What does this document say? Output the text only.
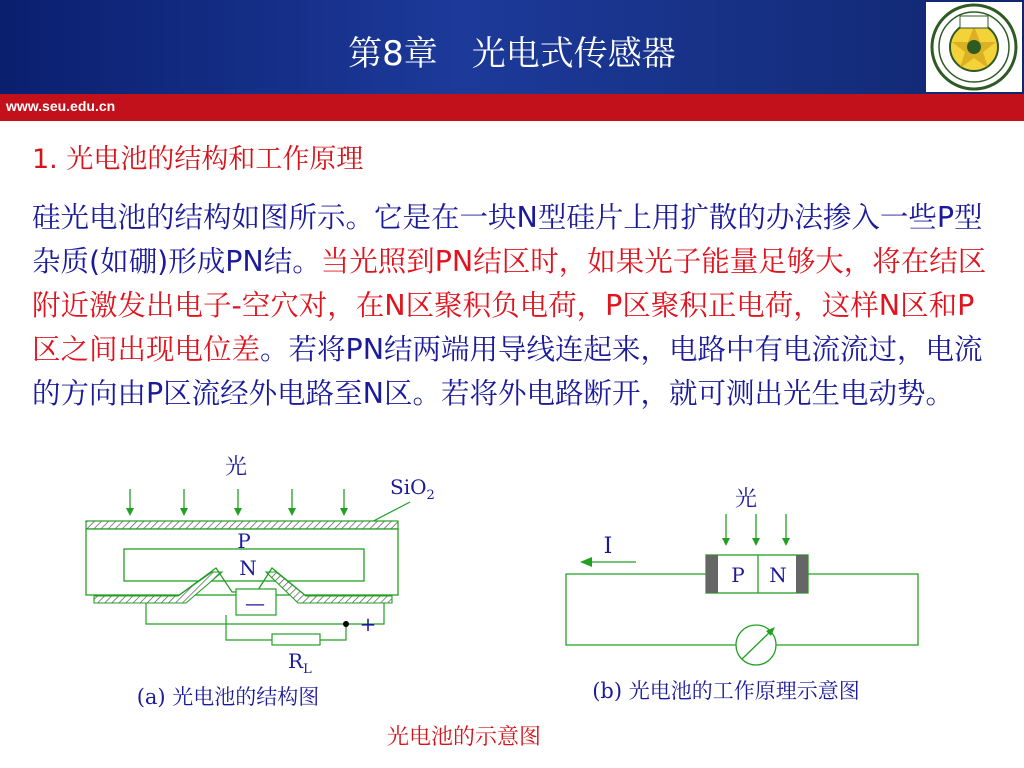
第8章　光电式传感器
www.seu.edu.cn
1. 光电池的结构和工作原理
硅光电池的结构如图所示。它是在一块N型硅片上用扩散的办法掺入一些P型杂质(如硼)形成PN结。当光照到PN结区时，如果光子能量足够大，将在结区附近激发出电子-空穴对，在N区聚积负电荷，P区聚积正电荷，这样N区和P区之间出现电位差。若将PN结两端用导线连起来，电路中有电流流过，电流的方向由P区流经外电路至N区。若将外电路断开，就可测出光生电动势。
光
SiO$_2$
P
N
—
+
$R_L$
(a) 光电池的结构图
光
I
P N
(b) 光电池的工作原理示意图
光电池的示意图
